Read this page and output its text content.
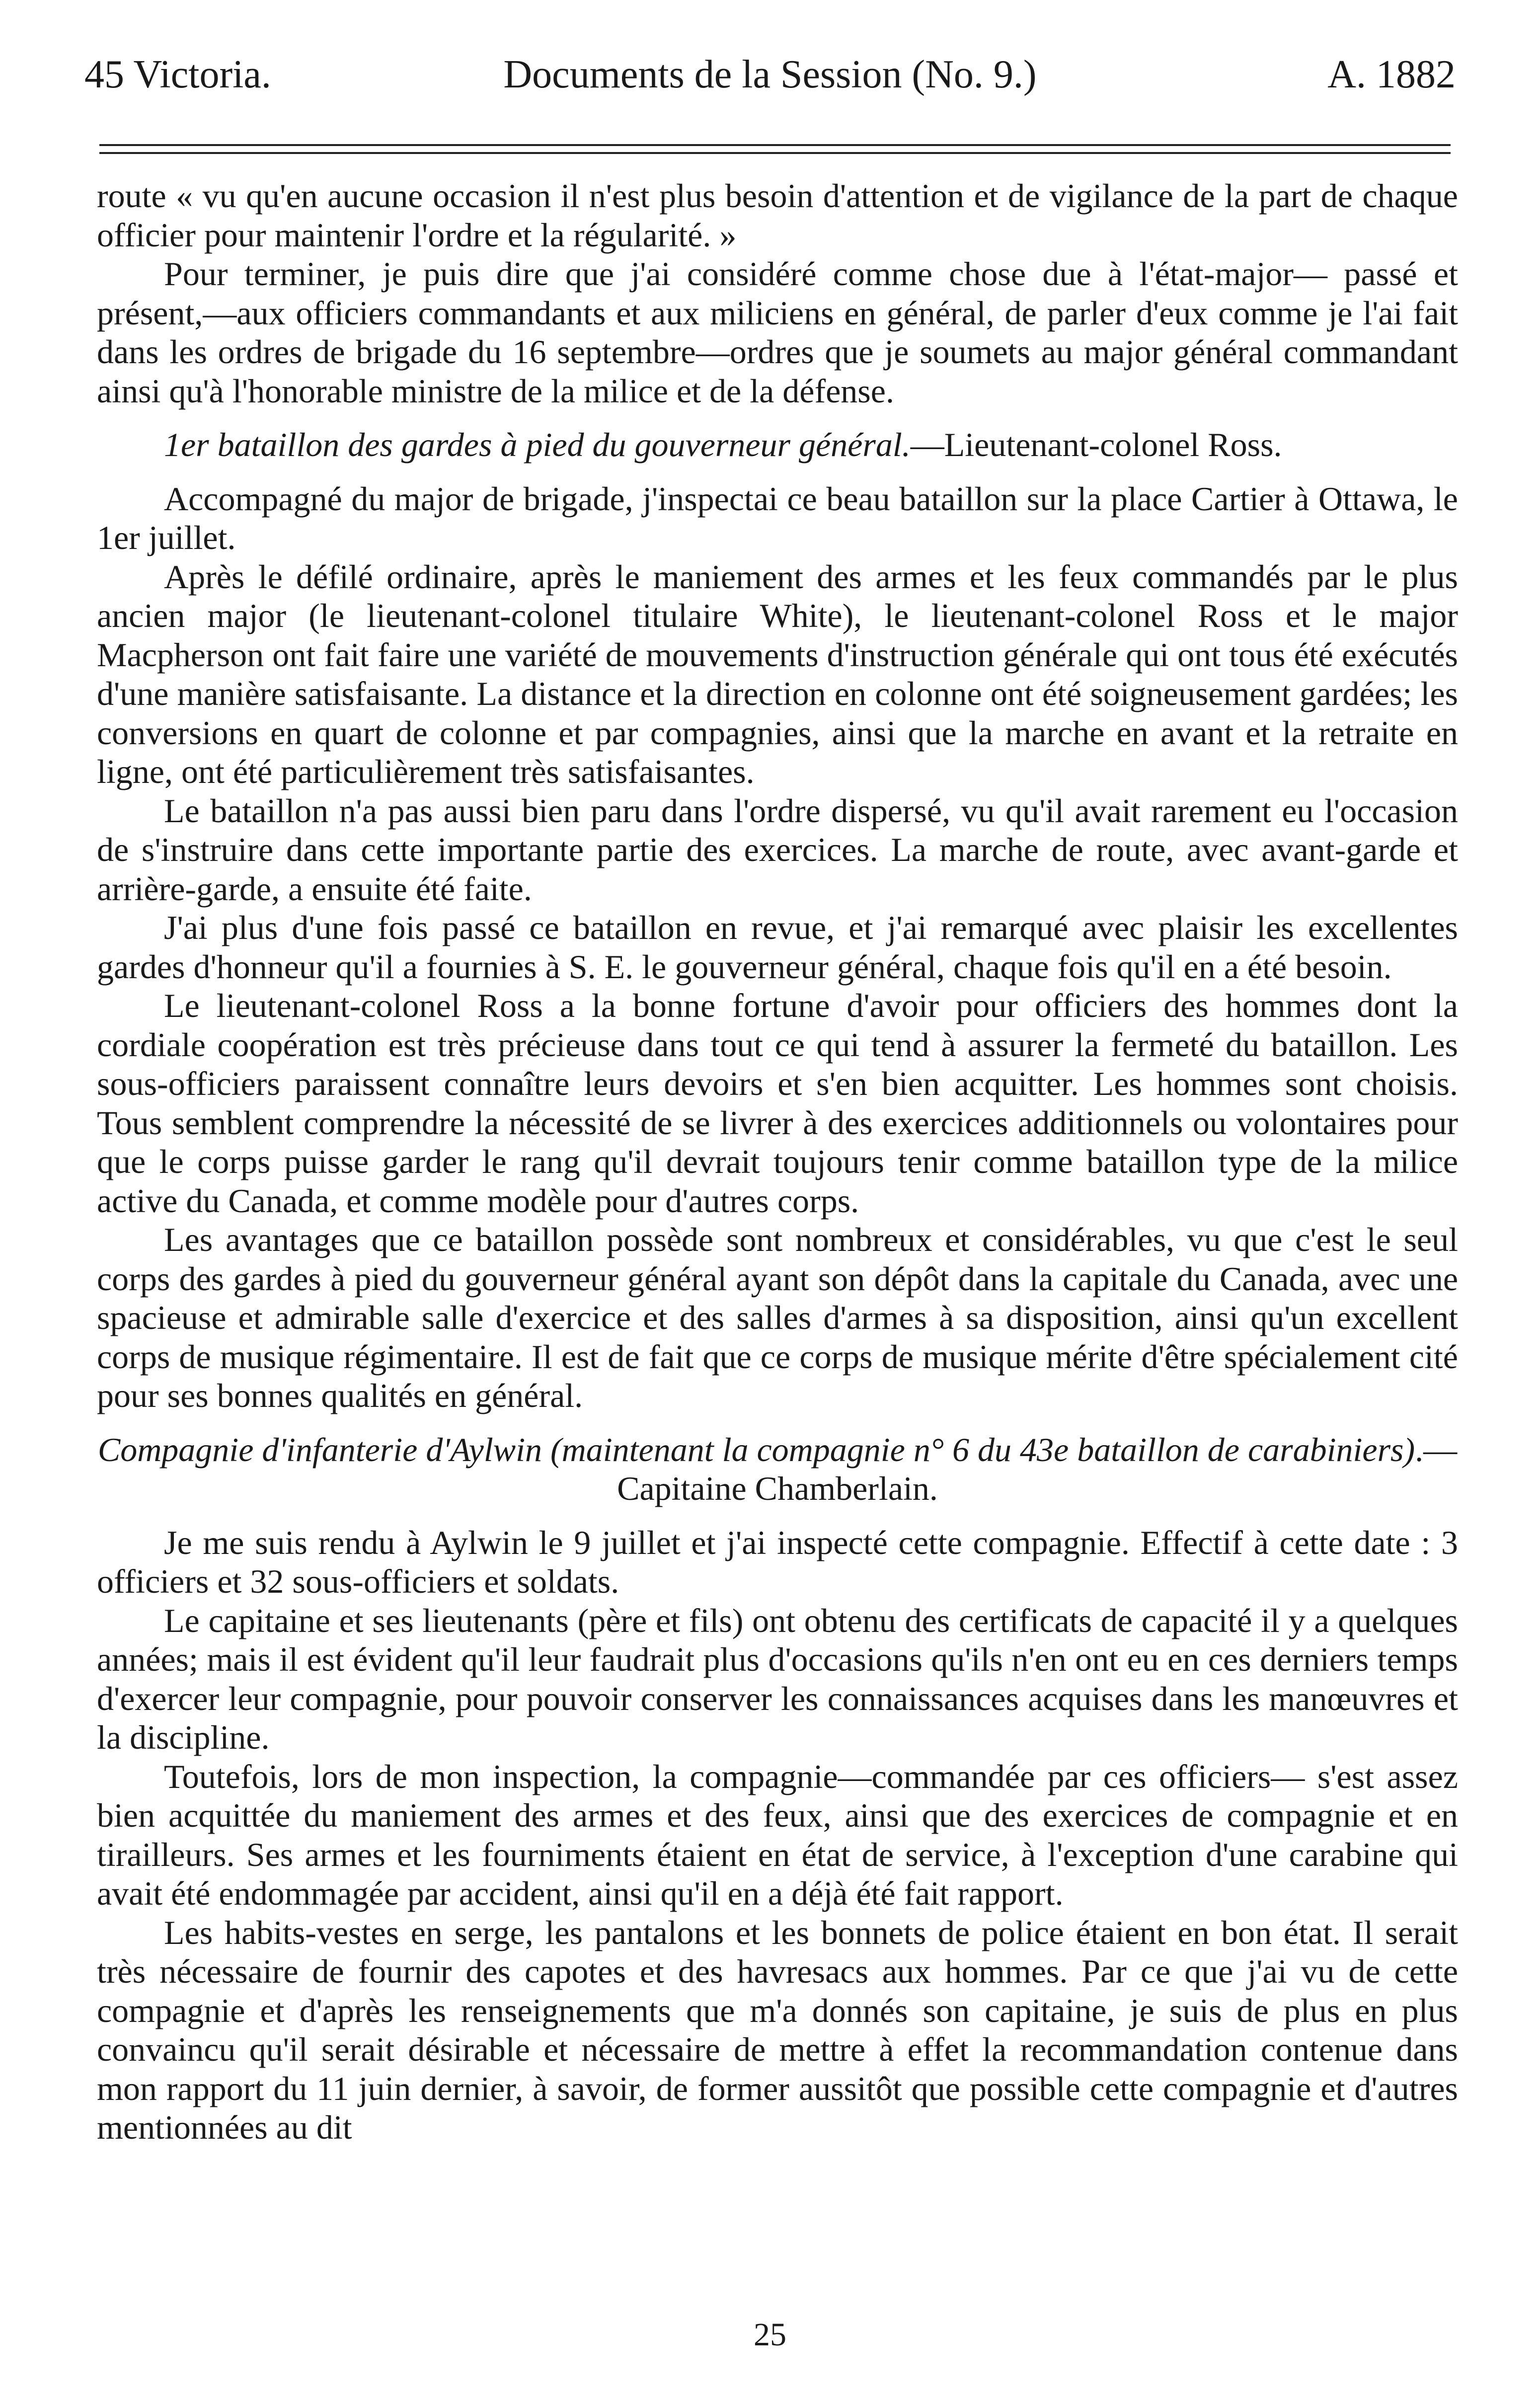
45 Victoria.	Documents de la Session (No. 9.)	A. 1882

route « vu qu'en aucune occasion il n'est plus besoin d'attention et de vigilance de la part de chaque officier pour maintenir l'ordre et la régularité. »

Pour terminer, je puis dire que j'ai considéré comme chose due à l'état-major— passé et présent,—aux officiers commandants et aux miliciens en général, de parler d'eux comme je l'ai fait dans les ordres de brigade du 16 septembre—ordres que je soumets au major général commandant ainsi qu'à l'honorable ministre de la milice et de la défense.

1er bataillon des gardes à pied du gouverneur général.—Lieutenant-colonel Ross.

Accompagné du major de brigade, j'inspectai ce beau bataillon sur la place Cartier à Ottawa, le 1er juillet.

Après le défilé ordinaire, après le maniement des armes et les feux commandés par le plus ancien major (le lieutenant-colonel titulaire White), le lieutenant-colonel Ross et le major Macpherson ont fait faire une variété de mouvements d'instruction générale qui ont tous été exécutés d'une manière satisfaisante. La distance et la direction en colonne ont été soigneusement gardées; les conversions en quart de colonne et par compagnies, ainsi que la marche en avant et la retraite en ligne, ont été particulièrement très satisfaisantes.

Le bataillon n'a pas aussi bien paru dans l'ordre dispersé, vu qu'il avait rarement eu l'occasion de s'instruire dans cette importante partie des exercices. La marche de route, avec avant-garde et arrière-garde, a ensuite été faite.

J'ai plus d'une fois passé ce bataillon en revue, et j'ai remarqué avec plaisir les excellentes gardes d'honneur qu'il a fournies à S. E. le gouverneur général, chaque fois qu'il en a été besoin.

Le lieutenant-colonel Ross a la bonne fortune d'avoir pour officiers des hommes dont la cordiale coopération est très précieuse dans tout ce qui tend à assurer la fermeté du bataillon. Les sous-officiers paraissent connaître leurs devoirs et s'en bien acquitter. Les hommes sont choisis. Tous semblent comprendre la nécessité de se livrer à des exercices additionnels ou volontaires pour que le corps puisse garder le rang qu'il devrait toujours tenir comme bataillon type de la milice active du Canada, et comme modèle pour d'autres corps.

Les avantages que ce bataillon possède sont nombreux et considérables, vu que c'est le seul corps des gardes à pied du gouverneur général ayant son dépôt dans la capitale du Canada, avec une spacieuse et admirable salle d'exercice et des salles d'armes à sa disposition, ainsi qu'un excellent corps de musique régimentaire. Il est de fait que ce corps de musique mérite d'être spécialement cité pour ses bonnes qualités en général.

Compagnie d'infanterie d'Aylwin (maintenant la compagnie n° 6 du 43e bataillon de carabiniers).—Capitaine Chamberlain.

Je me suis rendu à Aylwin le 9 juillet et j'ai inspecté cette compagnie. Effectif à cette date : 3 officiers et 32 sous-officiers et soldats.

Le capitaine et ses lieutenants (père et fils) ont obtenu des certificats de capacité il y a quelques années; mais il est évident qu'il leur faudrait plus d'occasions qu'ils n'en ont eu en ces derniers temps d'exercer leur compagnie, pour pouvoir conserver les connaissances acquises dans les manœuvres et la discipline.

Toutefois, lors de mon inspection, la compagnie—commandée par ces officiers— s'est assez bien acquittée du maniement des armes et des feux, ainsi que des exercices de compagnie et en tirailleurs. Ses armes et les fourniments étaient en état de service, à l'exception d'une carabine qui avait été endommagée par accident, ainsi qu'il en a déjà été fait rapport.

Les habits-vestes en serge, les pantalons et les bonnets de police étaient en bon état. Il serait très nécessaire de fournir des capotes et des havresacs aux hommes. Par ce que j'ai vu de cette compagnie et d'après les renseignements que m'a donnés son capitaine, je suis de plus en plus convaincu qu'il serait désirable et nécessaire de mettre à effet la recommandation contenue dans mon rapport du 11 juin dernier, à savoir, de former aussitôt que possible cette compagnie et d'autres mentionnées au dit

25
